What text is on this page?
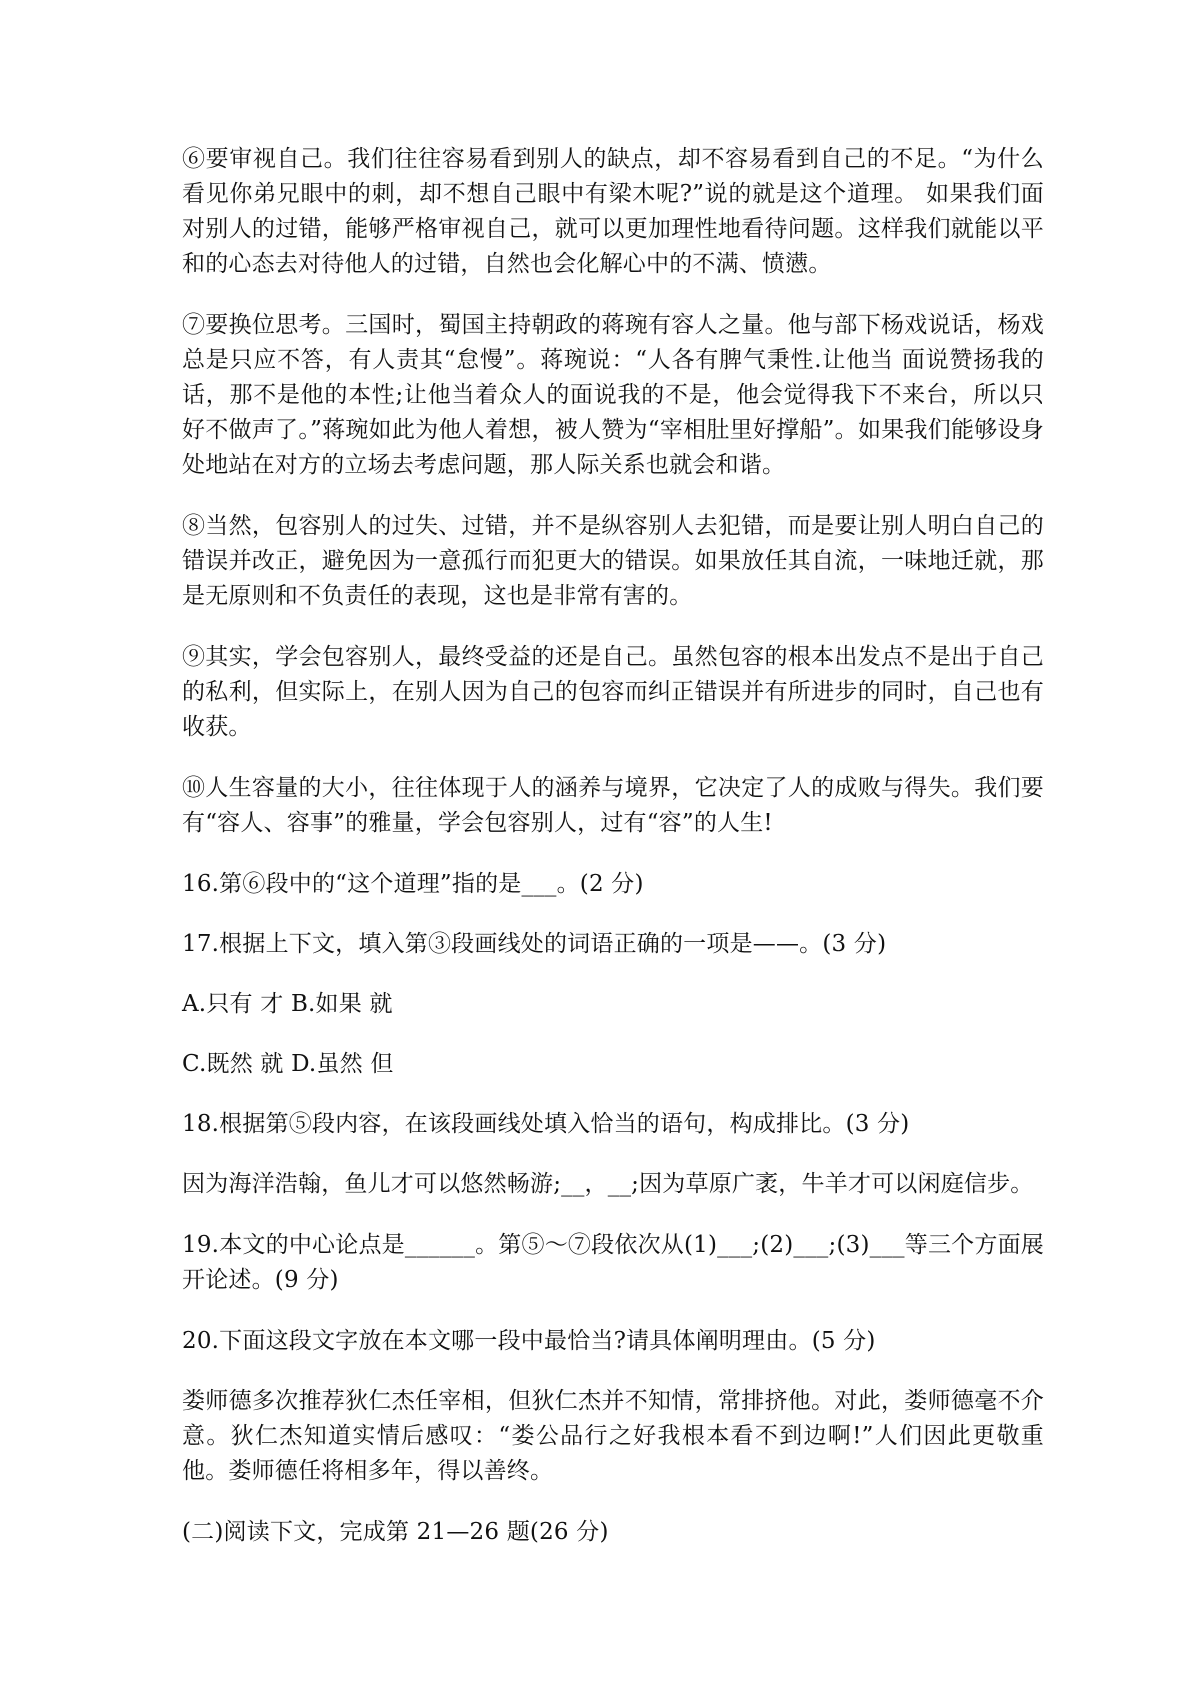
⑥要审视自己。我们往往容易看到别人的缺点，却不容易看到自己的不足。“为什么看见你弟兄眼中的刺，却不想自己眼中有梁木呢?”说的就是这个道理。 如果我们面对别人的过错，能够严格审视自己，就可以更加理性地看待问题。这样我们就能以平和的心态去对待他人的过错，自然也会化解心中的不满、愤懑。

⑦要换位思考。三国时，蜀国主持朝政的蒋琬有容人之量。他与部下杨戏说话，杨戏总是只应不答，有人责其“怠慢”。蒋琬说：“人各有脾气秉性.让他当 面说赞扬我的话，那不是他的本性;让他当着众人的面说我的不是，他会觉得我下不来台，所以只好不做声了。”蒋琬如此为他人着想，被人赞为“宰相肚里好撑船”。如果我们能够设身处地站在对方的立场去考虑问题，那人际关系也就会和谐。

⑧当然，包容别人的过失、过错，并不是纵容别人去犯错，而是要让别人明白自己的错误并改正，避免因为一意孤行而犯更大的错误。如果放任其自流，一味地迁就，那是无原则和不负责任的表现，这也是非常有害的。

⑨其实，学会包容别人，最终受益的还是自己。虽然包容的根本出发点不是出于自己的私利，但实际上，在别人因为自己的包容而纠正错误并有所进步的同时，自己也有收获。

⑩人生容量的大小，往往体现于人的涵养与境界，它决定了人的成败与得失。我们要有“容人、容事”的雅量，学会包容别人，过有“容”的人生!

16.第⑥段中的“这个道理”指的是___。(2 分)

17.根据上下文，填入第③段画线处的词语正确的一项是——。(3 分)

A.只有 才 B.如果 就

C.既然 就 D.虽然 但

18.根据第⑤段内容，在该段画线处填入恰当的语句，构成排比。(3 分)

因为海洋浩翰，鱼儿才可以悠然畅游;__，__;因为草原广袤，牛羊才可以闲庭信步。

19.本文的中心论点是______。第⑤～⑦段依次从(1)___;(2)___;(3)___等三个方面展开论述。(9 分)

20.下面这段文字放在本文哪一段中最恰当?请具体阐明理由。(5 分)

娄师德多次推荐狄仁杰任宰相，但狄仁杰并不知情，常排挤他。对此，娄师德毫不介意。狄仁杰知道实情后感叹：“娄公品行之好我根本看不到边啊!”人们因此更敬重他。娄师德任将相多年，得以善终。

(二)阅读下文，完成第 21—26 题(26 分)
